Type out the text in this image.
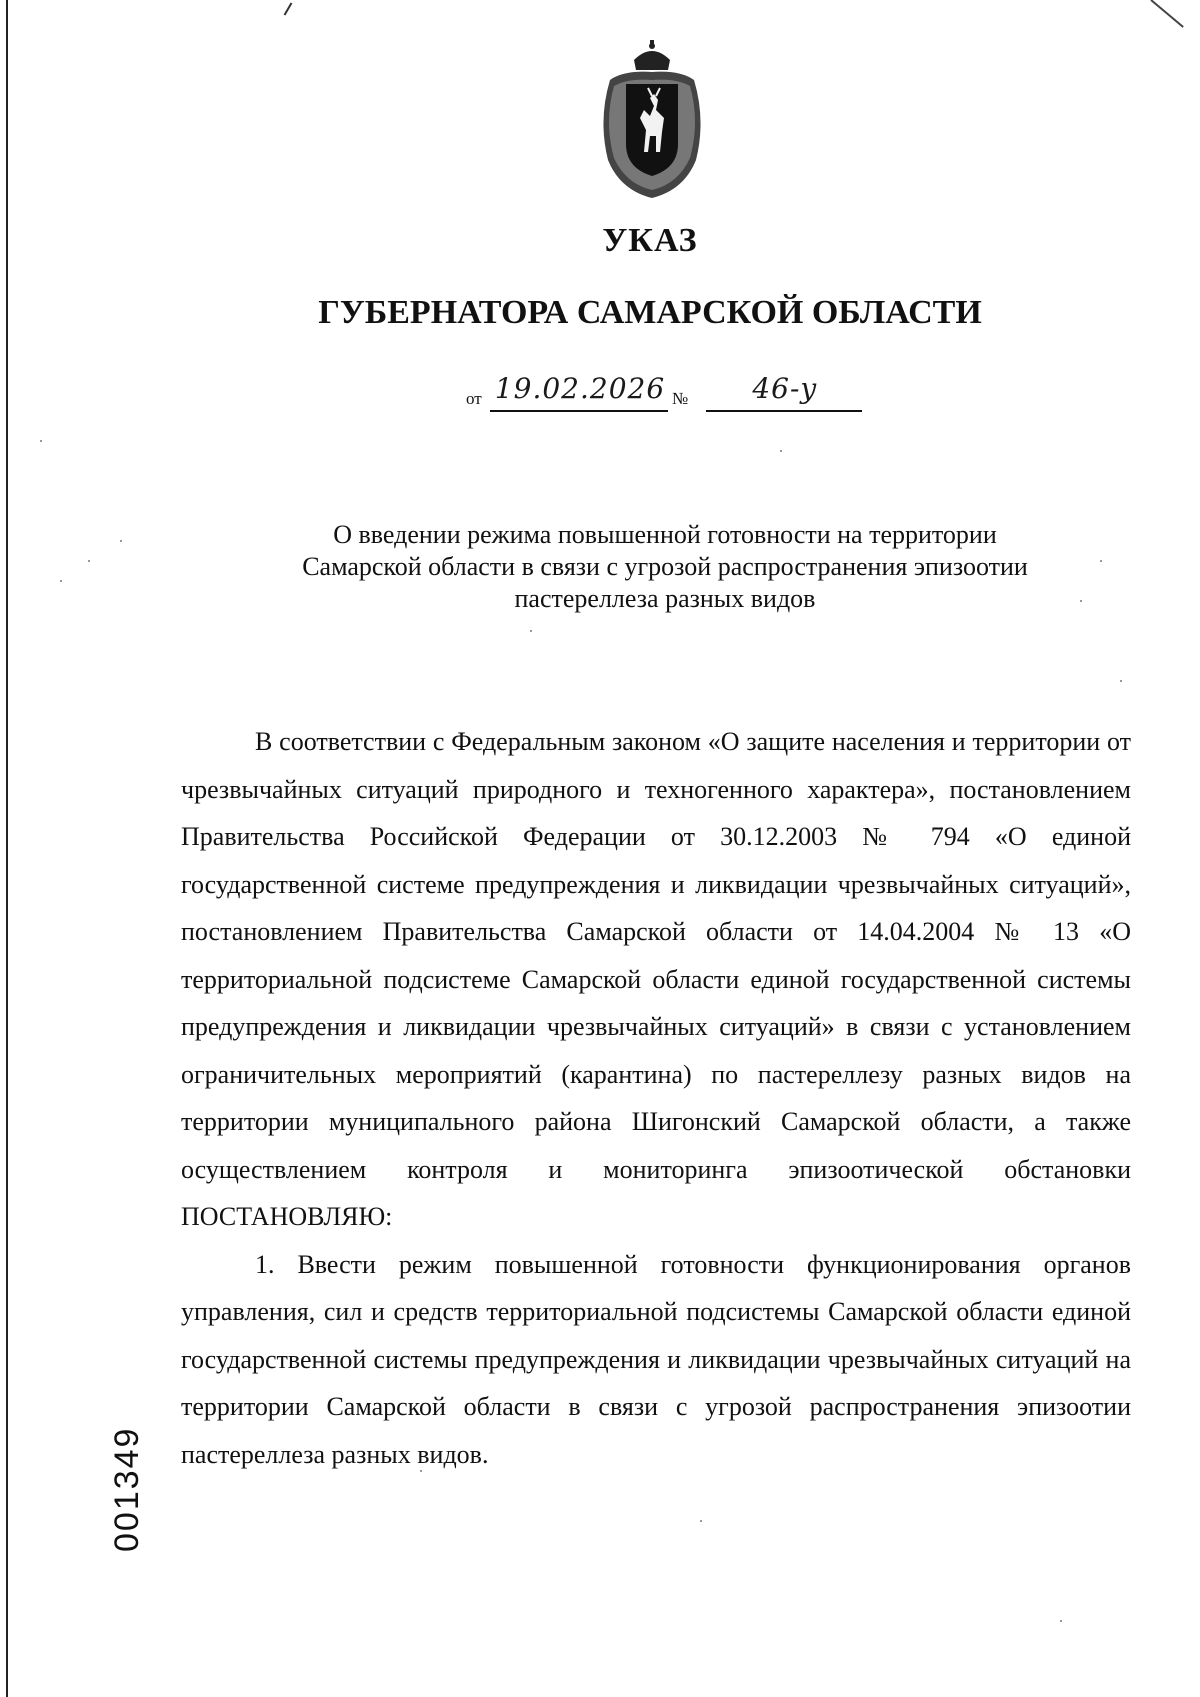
УКАЗ
ГУБЕРНАТОРА САМАРСКОЙ ОБЛАСТИ
от 19.02.2026 №	46-у
О введении режима повышенной готовности на территории
Самарской области в связи с угрозой распространения эпизоотии
пастереллеза разных видов

В соответствии с Федеральным законом «О защите населения и территории от чрезвычайных ситуаций природного и техногенного характера», постановлением Правительства Российской Федерации от 30.12.2003 № 794 «О единой государственной системе предупреждения и ликвидации чрезвычайных ситуаций», постановлением Правительства Самарской области от 14.04.2004 № 13 «О территориальной подсистеме Самарской области единой государственной системы предупреждения и ликвидации чрезвычайных ситуаций» в связи с установлением ограничительных мероприятий (карантина) по пастереллезу разных видов на территории муниципального района Шигонский Самарской области, а также осуществлением контроля и мониторинга эпизоотической обстановки ПОСТАНОВЛЯЮ:

1. Ввести режим повышенной готовности функционирования органов управления, сил и средств территориальной подсистемы Самарской области единой государственной системы предупреждения и ликвидации чрезвычайных ситуаций на территории Самарской области в связи с угрозой распространения эпизоотии пастереллеза разных видов.

001349
